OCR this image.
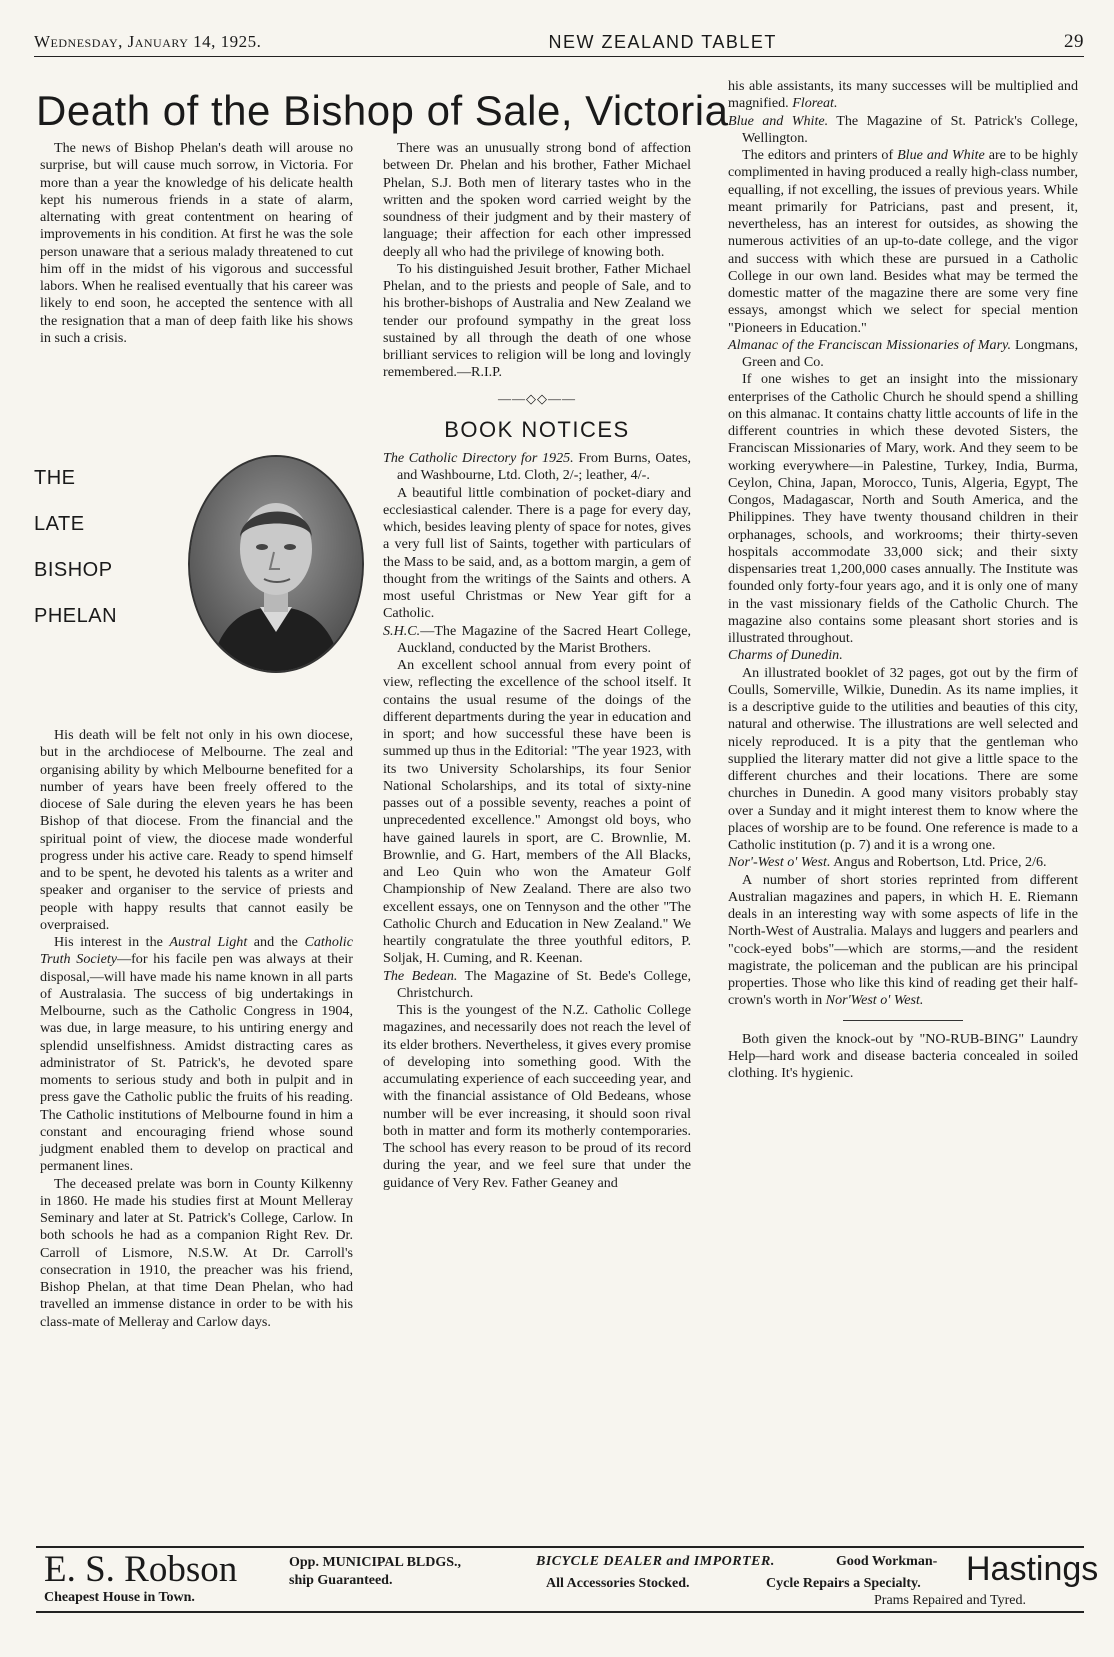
Wednesday, January 14, 1925.	NEW ZEALAND TABLET	29
Death of the Bishop of Sale, Victoria

The news of Bishop Phelan's death will arouse no surprise, but will cause much sorrow, in Victoria. For more than a year the knowledge of his delicate health kept his numerous friends in a state of alarm, alternating with great contentment on hearing of improvements in his condition. At first he was the sole person unaware that a serious malady threatened to cut him off in the midst of his vigorous and successful labors. When he realised eventually that his career was likely to end soon, he accepted the sentence with all the resignation that a man of deep faith like his shows in such a crisis.

THE
LATE
BISHOP
PHELAN

His death will be felt not only in his own diocese, but in the archdiocese of Melbourne. The zeal and organising ability by which Melbourne benefited for a number of years have been freely offered to the diocese of Sale during the eleven years he has been Bishop of that diocese. From the financial and the spiritual point of view, the diocese made wonderful progress under his active care. Ready to spend himself and to be spent, he devoted his talents as a writer and speaker and organiser to the service of priests and people with happy results that cannot easily be overpraised.

His interest in the Austral Light and the Catholic Truth Society—for his facile pen was always at their disposal,—will have made his name known in all parts of Australasia. The success of big undertakings in Melbourne, such as the Catholic Congress in 1904, was due, in large measure, to his untiring energy and splendid unselfishness. Amidst distracting cares as administrator of St. Patrick's, he devoted spare moments to serious study and both in pulpit and in press gave the Catholic public the fruits of his reading. The Catholic institutions of Melbourne found in him a constant and encouraging friend whose sound judgment enabled them to develop on practical and permanent lines.

The deceased prelate was born in County Kilkenny in 1860. He made his studies first at Mount Melleray Seminary and later at St. Patrick's College, Carlow. In both schools he had as a companion Right Rev. Dr. Carroll of Lismore, N.S.W. At Dr. Carroll's consecration in 1910, the preacher was his friend, Bishop Phelan, at that time Dean Phelan, who had travelled an immense distance in order to be with his class-mate of Melleray and Carlow days.

There was an unusually strong bond of affection between Dr. Phelan and his brother, Father Michael Phelan, S.J. Both men of literary tastes who in the written and the spoken word carried weight by the soundness of their judgment and by their mastery of language; their affection for each other impressed deeply all who had the privilege of knowing both.

To his distinguished Jesuit brother, Father Michael Phelan, and to the priests and people of Sale, and to his brother-bishops of Australia and New Zealand we tender our profound sympathy in the great loss sustained by all through the death of one whose brilliant services to religion will be long and lovingly remembered.—R.I.P.

——◇◇——
BOOK NOTICES

The Catholic Directory for 1925. From Burns, Oates, and Washbourne, Ltd. Cloth, 2/-; leather, 4/-.

A beautiful little combination of pocket-diary and ecclesiastical calender. There is a page for every day, which, besides leaving plenty of space for notes, gives a very full list of Saints, together with particulars of the Mass to be said, and, as a bottom margin, a gem of thought from the writings of the Saints and others. A most useful Christmas or New Year gift for a Catholic.

S.H.C.—The Magazine of the Sacred Heart College, Auckland, conducted by the Marist Brothers.

An excellent school annual from every point of view, reflecting the excellence of the school itself. It contains the usual resume of the doings of the different departments during the year in education and in sport; and how successful these have been is summed up thus in the Editorial: "The year 1923, with its two University Scholarships, its four Senior National Scholarships, and its total of sixty-nine passes out of a possible seventy, reaches a point of unprecedented excellence." Amongst old boys, who have gained laurels in sport, are C. Brownlie, M. Brownlie, and G. Hart, members of the All Blacks, and Leo Quin who won the Amateur Golf Championship of New Zealand. There are also two excellent essays, one on Tennyson and the other "The Catholic Church and Education in New Zealand." We heartily congratulate the three youthful editors, P. Soljak, H. Cuming, and R. Keenan.

The Bedean. The Magazine of St. Bede's College, Christchurch.

This is the youngest of the N.Z. Catholic College magazines, and necessarily does not reach the level of its elder brothers. Nevertheless, it gives every promise of developing into something good. With the accumulating experience of each succeeding year, and with the financial assistance of Old Bedeans, whose number will be ever increasing, it should soon rival both in matter and form its motherly contemporaries. The school has every reason to be proud of its record during the year, and we feel sure that under the guidance of Very Rev. Father Geaney and

his able assistants, its many successes will be multiplied and magnified. Floreat.

Blue and White. The Magazine of St. Patrick's College, Wellington.

The editors and printers of Blue and White are to be highly complimented in having produced a really high-class number, equalling, if not excelling, the issues of previous years. While meant primarily for Patricians, past and present, it, nevertheless, has an interest for outsides, as showing the numerous activities of an up-to-date college, and the vigor and success with which these are pursued in a Catholic College in our own land. Besides what may be termed the domestic matter of the magazine there are some very fine essays, amongst which we select for special mention "Pioneers in Education."

Almanac of the Franciscan Missionaries of Mary. Longmans, Green and Co.

If one wishes to get an insight into the missionary enterprises of the Catholic Church he should spend a shilling on this almanac. It contains chatty little accounts of life in the different countries in which these devoted Sisters, the Franciscan Missionaries of Mary, work. And they seem to be working everywhere—in Palestine, Turkey, India, Burma, Ceylon, China, Japan, Morocco, Tunis, Algeria, Egypt, The Congos, Madagascar, North and South America, and the Philippines. They have twenty thousand children in their orphanages, schools, and workrooms; their thirty-seven hospitals accommodate 33,000 sick; and their sixty dispensaries treat 1,200,000 cases annually. The Institute was founded only forty-four years ago, and it is only one of many in the vast missionary fields of the Catholic Church. The magazine also contains some pleasant short stories and is illustrated throughout.

Charms of Dunedin.

An illustrated booklet of 32 pages, got out by the firm of Coulls, Somerville, Wilkie, Dunedin. As its name implies, it is a descriptive guide to the utilities and beauties of this city, natural and otherwise. The illustrations are well selected and nicely reproduced. It is a pity that the gentleman who supplied the literary matter did not give a little space to the different churches and their locations. There are some churches in Dunedin. A good many visitors probably stay over a Sunday and it might interest them to know where the places of worship are to be found. One reference is made to a Catholic institution (p. 7) and it is a wrong one.

Nor'-West o' West. Angus and Robertson, Ltd. Price, 2/6.

A number of short stories reprinted from different Australian magazines and papers, in which H. E. Riemann deals in an interesting way with some aspects of life in the North-West of Australia. Malays and luggers and pearlers and "cock-eyed bobs"—which are storms,—and the resident magistrate, the policeman and the publican are his principal properties. Those who like this kind of reading get their half-crown's worth in Nor'West o' West.

Both given the knock-out by "NO-RUB-BING" Laundry Help—hard work and disease bacteria concealed in soiled clothing. It's hygienic.

E. S. Robson
Cheapest House in Town.
Opp. MUNICIPAL BLDGS.,
ship Guaranteed.
BICYCLE DEALER and IMPORTER.
All Accessories Stocked.
Good Workman-
Cycle Repairs a Specialty. Hastings
Prams Repaired and Tyred.
